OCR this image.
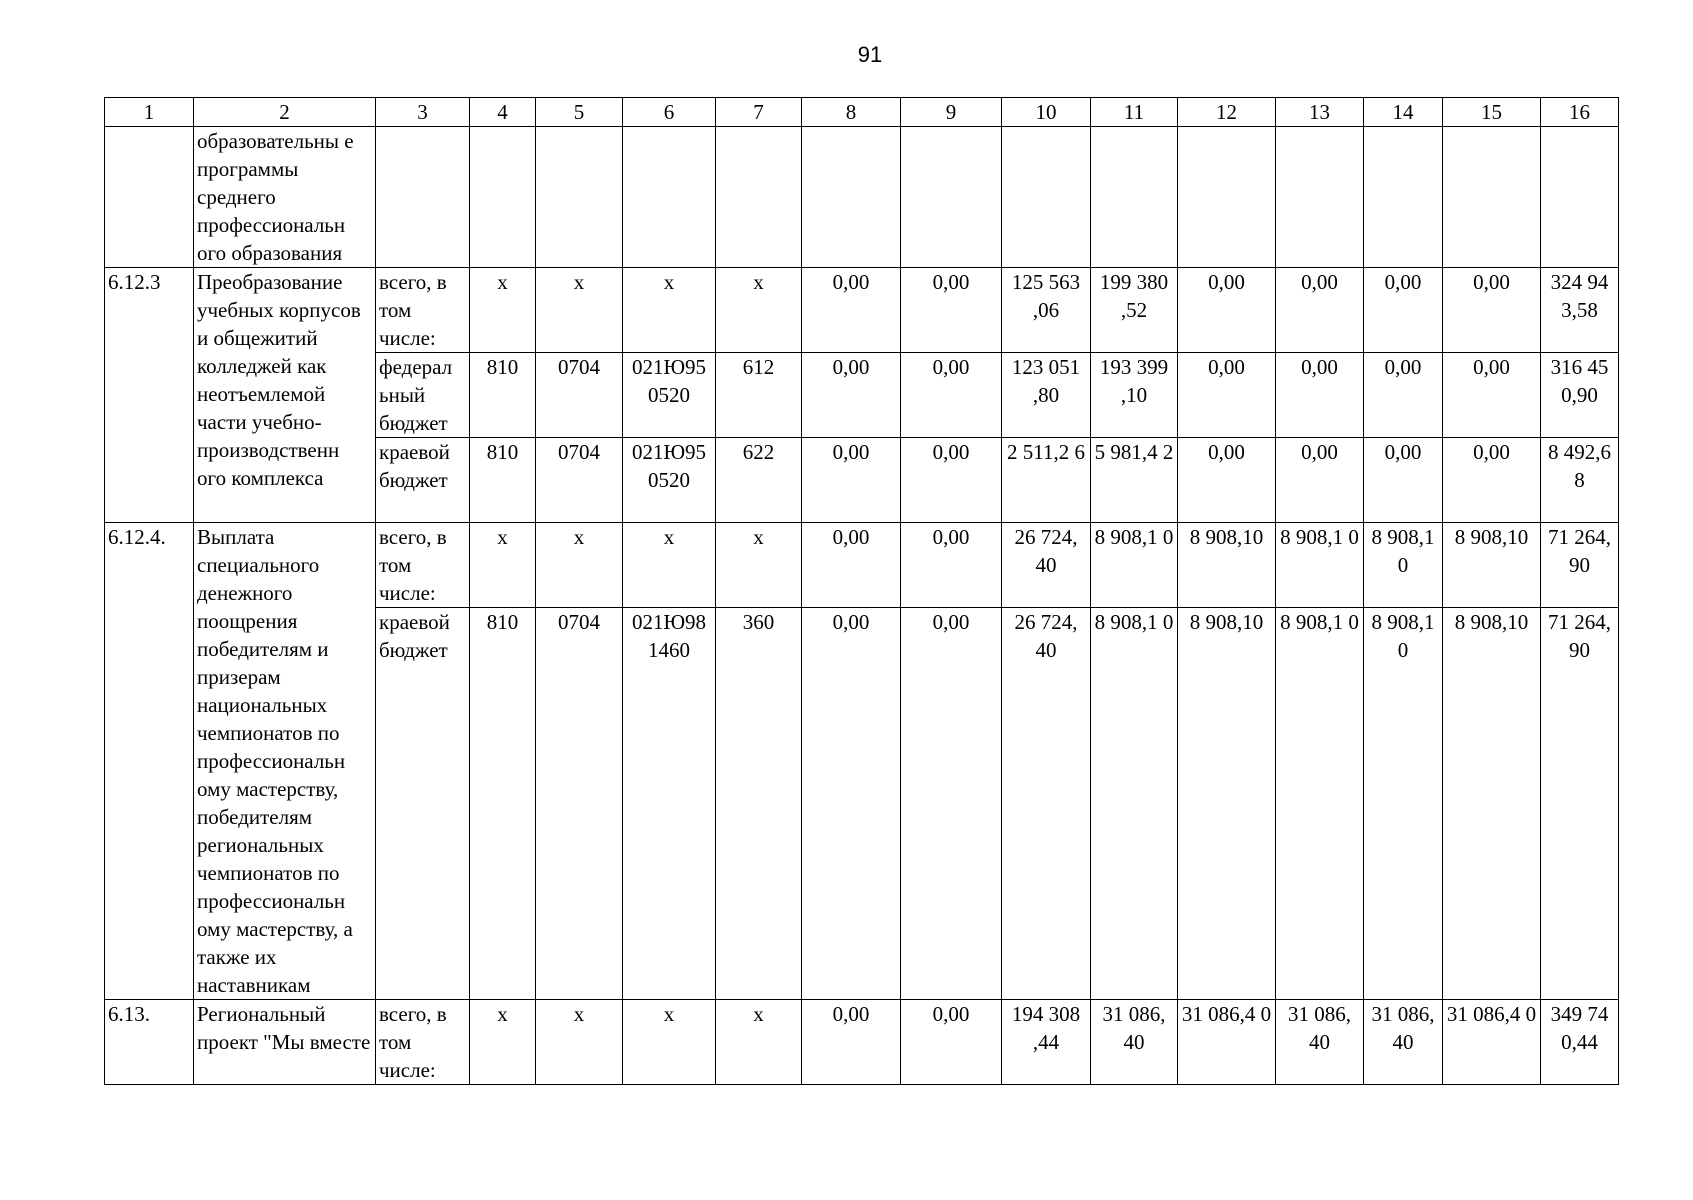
91
1	2	3	4	5	6	7	8	9	10	11	12	13	14	15	16
	образовательны е программы среднего профессиональн ого образования														
6.12.3	Преобразование учебных корпусов и общежитий колледжей как неотъемлемой части учебно-производственн ого комплекса	всего, в том числе:	х	х	х	х	0,00	0,00	125 563 ,06	199 380 ,52	0,00	0,00	0,00	0,00	324 94 3,58
		федерал ьный бюджет	810	0704	021Ю95 0520	612	0,00	0,00	123 051 ,80	193 399 ,10	0,00	0,00	0,00	0,00	316 45 0,90
		краевой бюджет	810	0704	021Ю95 0520	622	0,00	0,00	2 511,2 6	5 981,4 2	0,00	0,00	0,00	0,00	8 492,6 8
6.12.4.	Выплата специального денежного поощрения победителям и призерам национальных чемпионатов по профессиональн ому мастерству, победителям региональных чемпионатов по профессиональн ому мастерству, а также их наставникам	всего, в том числе:	х	х	х	х	0,00	0,00	26 724, 40	8 908,1 0	8 908,10	8 908,1 0	8 908,1 0	8 908,10	71 264, 90
		краевой бюджет	810	0704	021Ю98 1460	360	0,00	0,00	26 724, 40	8 908,1 0	8 908,10	8 908,1 0	8 908,1 0	8 908,10	71 264, 90
6.13.	Региональный проект "Мы вместе	всего, в том числе:	х	х	х	х	0,00	0,00	194 308 ,44	31 086, 40	31 086,4 0	31 086, 40	31 086, 40	31 086,4 0	349 74 0,44
